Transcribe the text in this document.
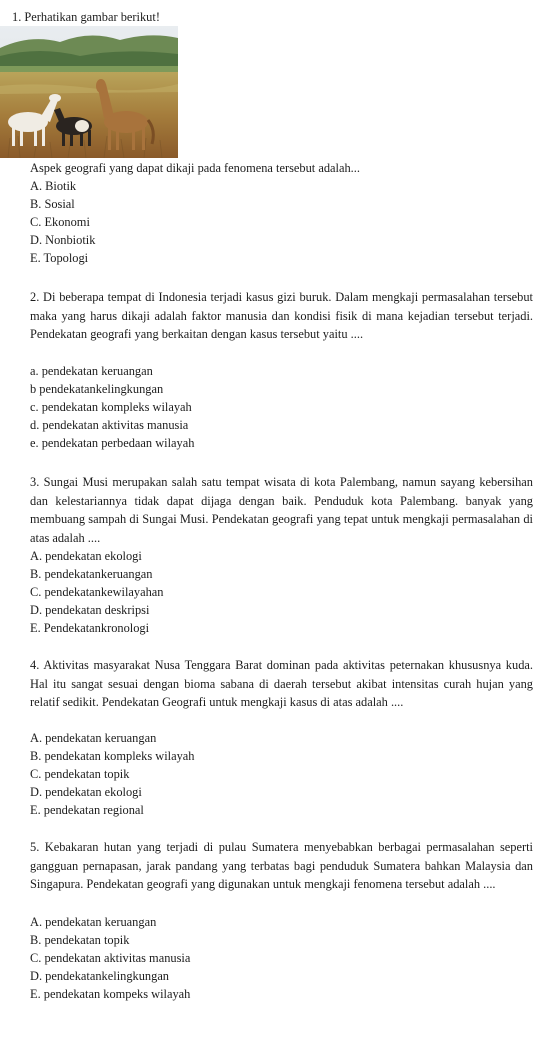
1. Perhatikan gambar berikut!
Aspek geografi yang dapat dikaji pada fenomena tersebut adalah...
A. Biotik
B. Sosial
C. Ekonomi
D. Nonbiotik
E. Topologi

2. Di beberapa tempat di Indonesia terjadi kasus gizi buruk. Dalam mengkaji permasalahan tersebut maka yang harus dikaji adalah faktor manusia dan kondisi fisik di mana kejadian tersebut terjadi. Pendekatan geografi yang berkaitan dengan kasus tersebut yaitu ....

a. pendekatan keruangan
b pendekatankelingkungan
c. pendekatan kompleks wilayah
d. pendekatan aktivitas manusia
e. pendekatan perbedaan wilayah

3. Sungai Musi merupakan salah satu tempat wisata di kota Palembang, namun sayang kebersihan dan kelestariannya tidak dapat dijaga dengan baik. Penduduk kota Palembang. banyak yang membuang sampah di Sungai Musi. Pendekatan geografi yang tepat untuk mengkaji permasalahan di atas adalah ....

A. pendekatan ekologi
B. pendekatankeruangan
C. pendekatankewilayahan
D. pendekatan deskripsi
E. Pendekatankronologi

4. Aktivitas masyarakat Nusa Tenggara Barat dominan pada aktivitas peternakan khususnya kuda. Hal itu sangat sesuai dengan bioma sabana di daerah tersebut akibat intensitas curah hujan yang relatif sedikit. Pendekatan Geografi untuk mengkaji kasus di atas adalah ....

A. pendekatan keruangan
B. pendekatan kompleks wilayah
C. pendekatan topik
D. pendekatan ekologi
E. pendekatan regional

5. Kebakaran hutan yang terjadi di pulau Sumatera menyebabkan berbagai permasalahan seperti gangguan pernapasan, jarak pandang yang terbatas bagi penduduk Sumatera bahkan Malaysia dan Singapura. Pendekatan geografi yang digunakan untuk mengkaji fenomena tersebut adalah ....

A. pendekatan keruangan
B. pendekatan topik
C. pendekatan aktivitas manusia
D. pendekatankelingkungan
E. pendekatan kompeks wilayah
